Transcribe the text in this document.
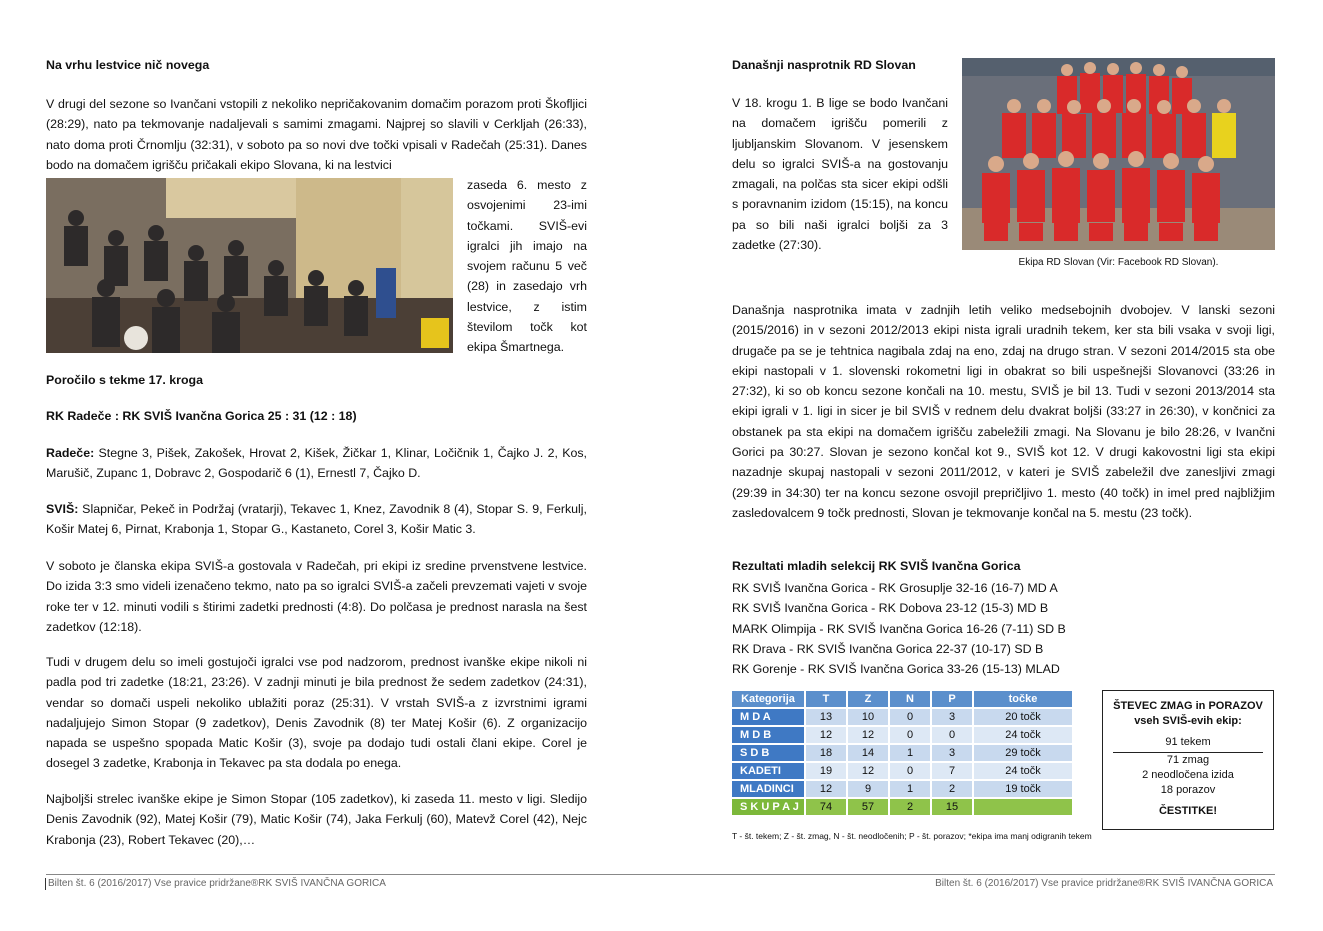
Na vrhu lestvice nič novega
V drugi del sezone so Ivančani vstopili z nekoliko nepričakovanim domačim porazom proti Škofljici (28:29), nato pa tekmovanje nadaljevali s samimi zmagami. Najprej so slavili v Cerkljah (26:33), nato doma proti Črnomlju (32:31), v soboto pa so novi dve točki vpisali v Radečah (25:31). Danes bodo na domačem igrišču pričakali ekipo Slovana, ki na lestvici
zaseda 6. mesto z osvojenimi 23-imi točkami. SVIŠ-evi igralci jih imajo na svojem računu 5 več (28) in zasedajo vrh lestvice, z istim številom točk kot ekipa Šmartnega.
Poročilo s tekme 17. kroga
RK Radeče : RK SVIŠ Ivančna Gorica 25 : 31 (12 : 18)
Radeče: Stegne 3, Pišek, Zakošek, Hrovat 2, Kišek, Žičkar 1, Klinar, Ločičnik 1, Čajko J. 2, Kos, Marušič, Zupanc 1, Dobravc 2, Gospodarič 6 (1), Ernestl 7, Čajko D.
SVIŠ: Slapničar, Pekeč in Podržaj (vratarji), Tekavec 1, Knez, Zavodnik 8 (4), Stopar S. 9, Ferkulj, Košir Matej 6, Pirnat, Krabonja 1, Stopar G., Kastaneto, Corel 3, Košir Matic 3.
V soboto je članska ekipa SVIŠ-a gostovala v Radečah, pri ekipi iz sredine prvenstvene lestvice. Do izida 3:3 smo videli izenačeno tekmo, nato pa so igralci SVIŠ-a začeli prevzemati vajeti v svoje roke ter v 12. minuti vodili s štirimi zadetki prednosti (4:8). Do polčasa je prednost narasla na šest zadetkov (12:18).
Tudi v drugem delu so imeli gostujoči igralci vse pod nadzorom, prednost ivanške ekipe nikoli ni padla pod tri zadetke (18:21, 23:26). V zadnji minuti je bila prednost že sedem zadetkov (24:31), vendar so domači uspeli nekoliko ublažiti poraz (25:31). V vrstah SVIŠ-a z izvrstnimi igrami nadaljujejo Simon Stopar (9 zadetkov), Denis Zavodnik (8) ter Matej Košir (6). Z organizacijo napada se uspešno spopada Matic Košir (3), svoje pa dodajo tudi ostali člani ekipe. Corel je dosegel 3 zadetke, Krabonja in Tekavec pa sta dodala po enega.
Najboljši strelec ivanške ekipe je Simon Stopar (105 zadetkov), ki zaseda 11. mesto v ligi. Sledijo Denis Zavodnik (92), Matej Košir (79), Matic Košir (74), Jaka Ferkulj (60), Matevž Corel (42), Nejc Krabonja (23), Robert Tekavec (20),…
Današnji nasprotnik RD Slovan
V 18. krogu 1. B lige se bodo Ivančani na domačem igrišču pomerili z ljubljanskim Slovanom. V jesenskem delu so igralci SVIŠ-a na gostovanju zmagali, na polčas sta sicer ekipi odšli s poravnanim izidom (15:15), na koncu pa so bili naši igralci boljši za 3 zadetke (27:30).
Ekipa RD Slovan (Vir: Facebook RD Slovan).
Današnja nasprotnika imata v zadnjih letih veliko medsebojnih dvobojev. V lanski sezoni (2015/2016) in v sezoni 2012/2013 ekipi nista igrali uradnih tekem, ker sta bili vsaka v svoji ligi, drugače pa se je tehtnica nagibala zdaj na eno, zdaj na drugo stran. V sezoni 2014/2015 sta obe ekipi nastopali v 1. slovenski rokometni ligi in obakrat so bili uspešnejši Slovanovci (33:26 in 27:32), ki so ob koncu sezone končali na 10. mestu, SVIŠ je bil 13. Tudi v sezoni 2013/2014 sta ekipi igrali v 1. ligi in sicer je bil SVIŠ v rednem delu dvakrat boljši (33:27 in 26:30), v končnici za obstanek pa sta ekipi na domačem igrišču zabeležili zmagi. Na Slovanu je bilo 28:26, v Ivančni Gorici pa 30:27. Slovan je sezono končal kot 9., SVIŠ kot 12. V drugi kakovostni ligi sta ekipi nazadnje skupaj nastopali v sezoni 2011/2012, v kateri je SVIŠ zabeležil dve zanesljivi zmagi (29:39 in 34:30) ter na koncu sezone osvojil prepričljivo 1. mesto (40 točk) in imel pred najbližjim zasledovalcem 9 točk prednosti, Slovan je tekmovanje končal na 5. mestu (23 točk).
Rezultati mladih selekcij RK SVIŠ Ivančna Gorica
RK SVIŠ Ivančna Gorica - RK Grosuplje 32-16 (16-7) MD A
RK SVIŠ Ivančna Gorica - RK Dobova 23-12 (15-3) MD B
MARK Olimpija - RK SVIŠ Ivančna Gorica 16-26 (7-11) SD B
RK Drava - RK SVIŠ Ivančna Gorica 22-37 (10-17) SD B
RK Gorenje - RK SVIŠ Ivančna Gorica 33-26 (15-13) MLAD
Kategorija	T	Z	N	P	točke
M D A	13	10	0	3	20 točk
M D B	12	12	0	0	24 točk
S D B	18	14	1	3	29 točk
KADETI	19	12	0	7	24 točk
MLADINCI	12	9	1	2	19 točk
S K U P A J	74	57	2	15	
T - št. tekem; Z - št. zmag, N - št. neodločenih; P - št. porazov; *ekipa ima manj odigranih tekem
ŠTEVEC ZMAG in PORAZOV
vseh SVIŠ-evih ekip:
91 tekem
71 zmag
2 neodločena izida
18 porazov
ČESTITKE!
Bilten št. 6 (2016/2017) Vse pravice pridržane®RK SVIŠ IVANČNA GORICA	Bilten št. 6 (2016/2017) Vse pravice pridržane®RK SVIŠ IVANČNA GORICA
